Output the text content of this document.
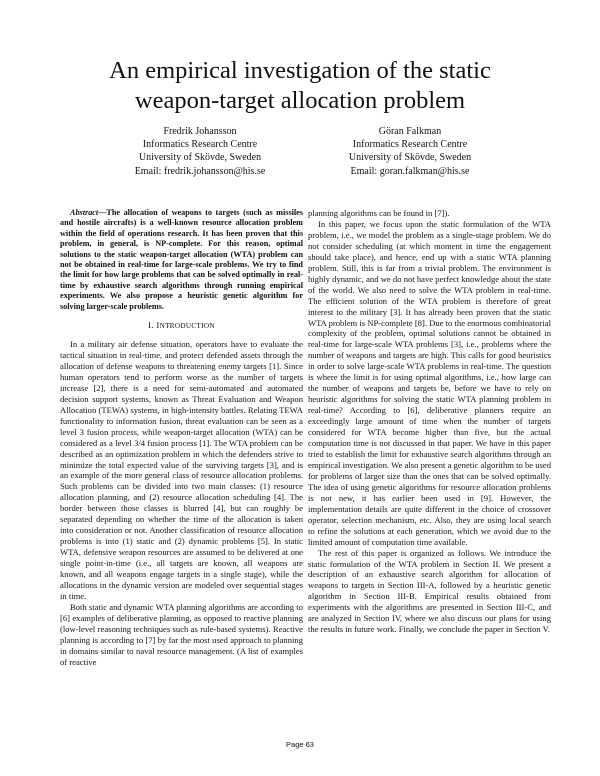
An empirical investigation of the static
weapon-target allocation problem
Fredrik Johansson
Informatics Research Centre
University of Skövde, Sweden
Email: fredrik.johansson@his.se
Göran Falkman
Informatics Research Centre
University of Skövde, Sweden
Email: goran.falkman@his.se

Abstract—The allocation of weapons to targets (such as missiles and hostile aircrafts) is a well-known resource allocation problem within the field of operations research. It has been proven that this problem, in general, is NP-complete. For this reason, optimal solutions to the static weapon-target allocation (WTA) problem can not be obtained in real-time for large-scale problems. We try to find the limit for how large problems that can be solved optimally in real-time by exhaustive search algorithms through running empirical experiments. We also propose a heuristic genetic algorithm for solving larger-scale problems.

I. INTRODUCTION

In a military air defense situation, operators have to evaluate the tactical situation in real-time, and protect defended assets through the allocation of defense weapons to threatening enemy targets [1]. Since human operators tend to perform worse as the number of targets increase [2], there is a need for semi-automated and automated decision support systems, known as Threat Evaluation and Weapon Allocation (TEWA) systems, in high-intensity battles. Relating TEWA functionality to information fusion, threat evaluation can be seen as a level 3 fusion process, while weapon-target allocation (WTA) can be considered as a level 3/4 fusion process [1]. The WTA problem can be described as an optimization problem in which the defenders strive to minimize the total expected value of the surviving targets [3], and is an example of the more general class of resource allocation problems. Such problems can be divided into two main classes: (1) resource allocation planning, and (2) resource allocation scheduling [4]. The border between those classes is blurred [4], but can roughly be separated depending on whether the time of the allocation is taken into consideration or not. Another classification of resource allocation problems is into (1) static and (2) dynamic problems [5]. In static WTA, defensive weapon resources are assumed to be delivered at one single point-in-time (i.e., all targets are known, all weapons are known, and all weapons engage targets in a single stage), while the allocations in the dynamic version are modeled over sequential stages in time.

Both static and dynamic WTA planning algorithms are according to [6] examples of deliberative planning, as opposed to reactive planning (low-level reasoning techniques such as rule-based systems). Reactive planning is according to [7] by far the most used approach to planning in domains similar to naval resource management. (A list of examples of reactive

planning algorithms can be found in [7]).

In this paper, we focus upon the static formulation of the WTA problem, i.e., we model the problem as a single-stage problem. We do not consider scheduling (at which moment in time the engagement should take place), and hence, end up with a static WTA planning problem. Still, this is far from a trivial problem. The environment is highly dynamic, and we do not have perfect knowledge about the state of the world. We also need to solve the WTA problem in real-time. The efficient solution of the WTA problem is therefore of great interest to the military [3]. It has already been proven that the static WTA problem is NP-complete [8]. Due to the enormous combinatorial complexity of the problem, optimal solutions cannot be obtained in real-time for large-scale WTA problems [3], i.e., problems where the number of weapons and targets are high. This calls for good heuristics in order to solve large-scale WTA problems in real-time. The question is where the limit is for using optimal algorithms, i.e., how large can the number of weapons and targets be, before we have to rely on heuristic algorithms for solving the static WTA planning problem in real-time? According to [6], deliberative planners require an exceedingly large amount of time when the number of targets considered for WTA become higher than five, but the actual computation time is not discussed in that paper. We have in this paper tried to establish the limit for exhaustive search algorithms through an empirical investigation. We also present a genetic algorithm to be used for problems of larger size than the ones that can be solved optimally. The idea of using genetic algorithms for resource allocation problems is not new, it has earlier been used in [9]. However, the implementation details are quite different in the choice of crossover operator, selection mechanism, etc. Also, they are using local search to refine the solutions at each generation, which we avoid due to the limited amount of computation time available.

The rest of this paper is organized as follows. We introduce the static formulation of the WTA problem in Section II. We present a description of an exhaustive search algorithm for allocation of weapons to targets in Section III-A, followed by a heuristic genetic algorithm in Section III-B. Empirical results obtained from experiments with the algorithms are presented in Section III-C, and are analyzed in Section IV, where we also discuss our plans for using the results in future work. Finally, we conclude the paper in Section V.

Page 63
